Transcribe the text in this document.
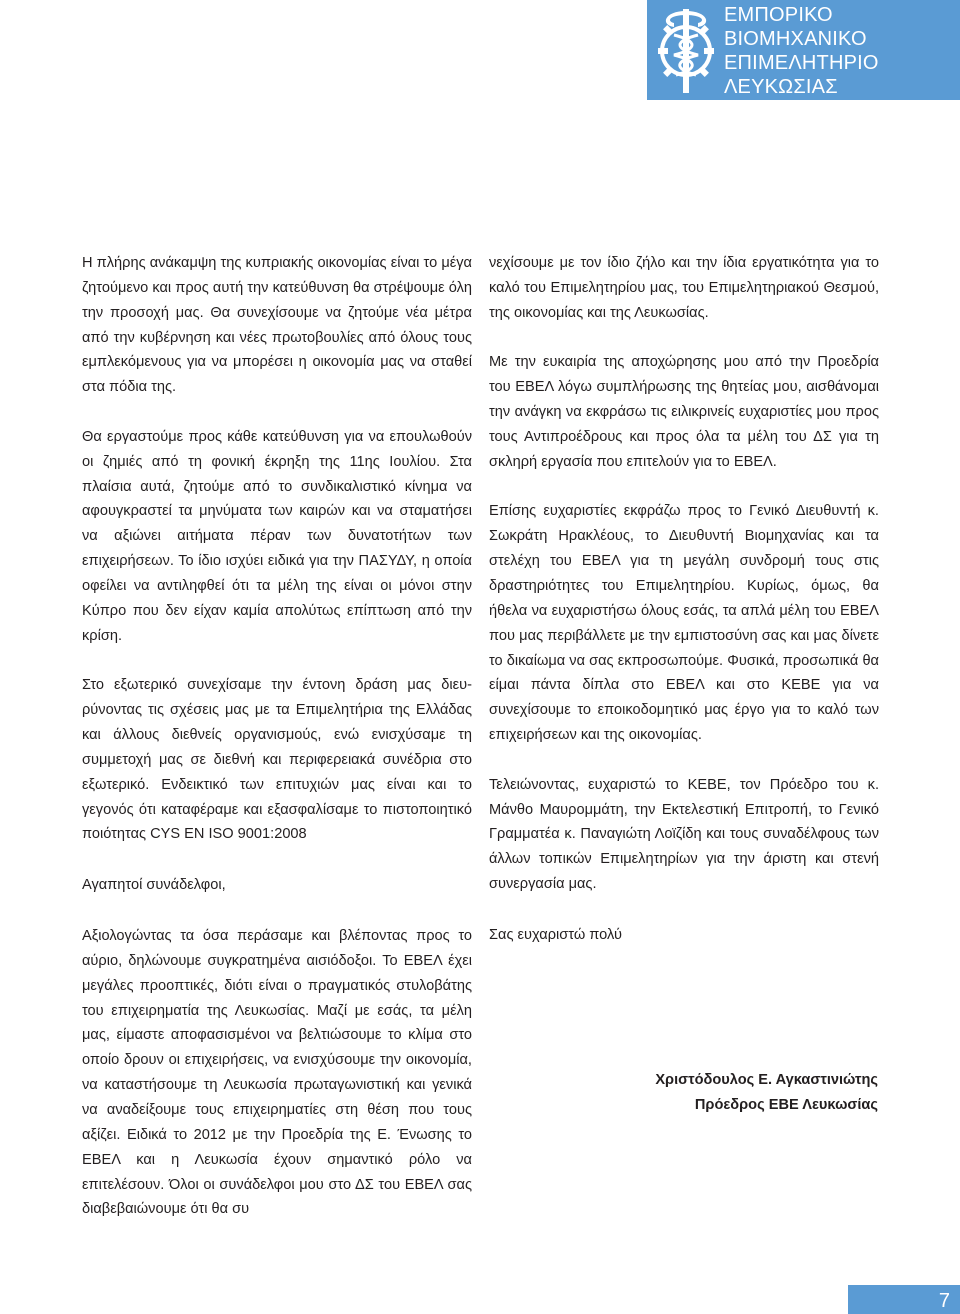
ΕΜΠΟΡΙΚΟ
ΒΙΟΜΗΧΑΝΙΚΟ
ΕΠΙΜΕΛΗΤΗΡΙΟ
ΛΕΥΚΩΣΙΑΣ

Η πλήρης ανάκαμψη της κυπριακής οικονομίας είναι το μέγα ζητούμενο και προς αυτή την κατεύθυνση θα στρέψουμε όλη την προσοχή μας. Θα συνεχίσουμε να ζητούμε νέα μέτρα από την κυβέρνηση και νέες πρωτοβουλίες από όλους τους εμπλεκόμενους για να μπορέσει η οικονομία μας να σταθεί στα πόδια της.

Θα εργαστούμε προς κάθε κατεύθυνση για να επουλωθούν οι ζημιές από τη φονική έκρηξη της 11ης Ιουλίου. Στα πλαίσια αυτά, ζητούμε από το συνδικαλιστικό κίνημα να αφουγκραστεί τα μηνύματα των καιρών και να σταματήσει να αξιώνει αιτήματα πέραν των δυνατοτήτων των επιχειρήσεων. Το ίδιο ισχύει ειδικά για την ΠΑΣΥΔΥ, η οποία οφείλει να αντιληφθεί ότι τα μέλη της είναι οι μόνοι στην Κύπρο που δεν είχαν καμία απολύτως επίπτωση από την κρίση.

Στο εξωτερικό συνεχίσαμε την έντονη δράση μας διευρύνοντας τις σχέσεις μας με τα Επιμελητήρια της Ελλάδας και άλλους διεθνείς οργανισμούς, ενώ ενισχύσαμε τη συμμετοχή μας σε διεθνή και περιφερειακά συνέδρια στο εξωτερικό. Ενδεικτικό των επιτυχιών μας είναι και το γεγονός ότι καταφέραμε και εξασφαλίσαμε το πιστοποιητικό ποιότητας CYS EN ISO 9001:2008

Αγαπητοί συνάδελφοι,

Αξιολογώντας τα όσα περάσαμε και βλέποντας προς το αύριο, δηλώνουμε συγκρατημένα αισιόδοξοι. Το ΕΒΕΛ έχει μεγάλες προοπτικές, διότι είναι ο πραγματικός στυλοβάτης του επιχειρηματία της Λευκωσίας. Μαζί με εσάς, τα μέλη μας, είμαστε αποφασισμένοι να βελτιώσουμε το κλίμα στο οποίο δρουν οι επιχειρήσεις, να ενισχύσουμε την οικονομία, να καταστήσουμε τη Λευκωσία πρωταγωνιστική και γενικά να αναδείξουμε τους επιχειρηματίες στη θέση που τους αξίζει. Ειδικά το 2012 με την Προεδρία της Ε. Ένωσης το ΕΒΕΛ και η Λευκωσία έχουν σημαντικό ρόλο να επιτελέσουν. Όλοι οι συνάδελφοι μου στο ΔΣ του ΕΒΕΛ σας διαβεβαιώνουμε ότι θα συ

νεχίσουμε με τον ίδιο ζήλο και την ίδια εργατικότητα για το καλό του Επιμελητηρίου μας, του Επιμελητηριακού Θεσμού, της οικονομίας και της Λευκωσίας.

Με την ευκαιρία της αποχώρησης μου από την Προεδρία του ΕΒΕΛ λόγω συμπλήρωσης της θητείας μου, αισθάνομαι την ανάγκη να εκφράσω τις ειλικρινείς ευχαριστίες μου προς τους Αντιπροέδρους και προς όλα τα μέλη του ΔΣ για τη σκληρή εργασία που επιτελούν για το ΕΒΕΛ.

Επίσης ευχαριστίες εκφράζω προς το Γενικό Διευθυντή κ. Σωκράτη Ηρακλέους, το Διευθυντή Βιομηχανίας και τα στελέχη του ΕΒΕΛ για τη μεγάλη συνδρομή τους στις δραστηριότητες του Επιμελητηρίου. Κυρίως, όμως, θα ήθελα να ευχαριστήσω όλους εσάς, τα απλά μέλη του ΕΒΕΛ που μας περιβάλλετε με την εμπιστοσύνη σας και μας δίνετε το δικαίωμα να σας εκπροσωπούμε. Φυσικά, προσωπικά θα είμαι πάντα δίπλα στο ΕΒΕΛ και στο ΚΕΒΕ για να συνεχίσουμε το εποικοδομητικό μας έργο για το καλό των επιχειρήσεων και της οικονομίας.

Τελειώνοντας, ευχαριστώ το ΚΕΒΕ, τον Πρόεδρο του κ. Μάνθο Μαυρομμάτη, την Εκτελεστική Επιτροπή, το Γενικό Γραμματέα κ. Παναγιώτη Λοϊζίδη και τους συναδέλφους των άλλων τοπικών Επιμελητηρίων για την άριστη και στενή συνεργασία μας.

Σας ευχαριστώ πολύ

Χριστόδουλος Ε. Αγκαστινιώτης
Πρόεδρος ΕΒΕ Λευκωσίας
7
